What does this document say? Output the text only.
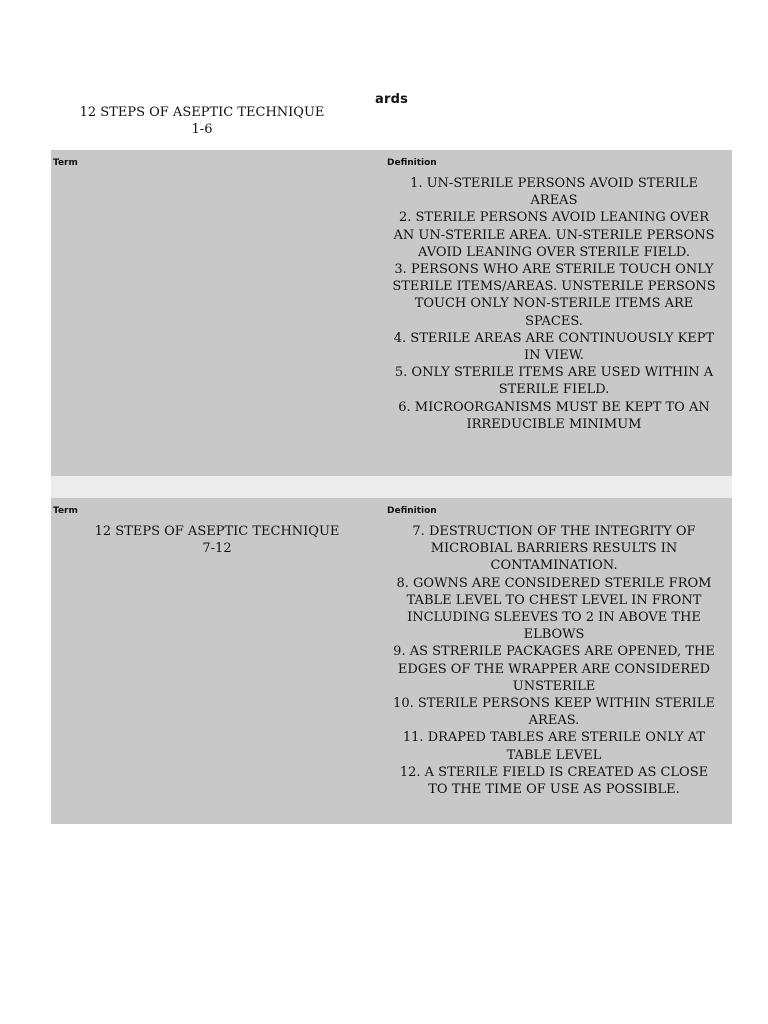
ards
12 STEPS OF ASEPTIC TECHNIQUE
1-6
Term	Definition
1. UN-STERILE PERSONS AVOID STERILE AREAS
2. STERILE PERSONS AVOID LEANING OVER AN UN-STERILE AREA. UN-STERILE PERSONS AVOID LEANING OVER STERILE FIELD.
3. PERSONS WHO ARE STERILE TOUCH ONLY STERILE ITEMS/AREAS. UNSTERILE PERSONS TOUCH ONLY NON-STERILE ITEMS ARE SPACES.
4. STERILE AREAS ARE CONTINUOUSLY KEPT IN VIEW.
5. ONLY STERILE ITEMS ARE USED WITHIN A STERILE FIELD.
6. MICROORGANISMS MUST BE KEPT TO AN IRREDUCIBLE MINIMUM
Term	Definition
12 STEPS OF ASEPTIC TECHNIQUE
7-12
7. DESTRUCTION OF THE INTEGRITY OF MICROBIAL BARRIERS RESULTS IN CONTAMINATION.
8. GOWNS ARE CONSIDERED STERILE FROM TABLE LEVEL TO CHEST LEVEL IN FRONT INCLUDING SLEEVES TO 2 IN ABOVE THE ELBOWS
9. AS STRERILE PACKAGES ARE OPENED, THE EDGES OF THE WRAPPER ARE CONSIDERED UNSTERILE
10. STERILE PERSONS KEEP WITHIN STERILE AREAS.
11. DRAPED TABLES ARE STERILE ONLY AT TABLE LEVEL
12. A STERILE FIELD IS CREATED AS CLOSE TO THE TIME OF USE AS POSSIBLE.
